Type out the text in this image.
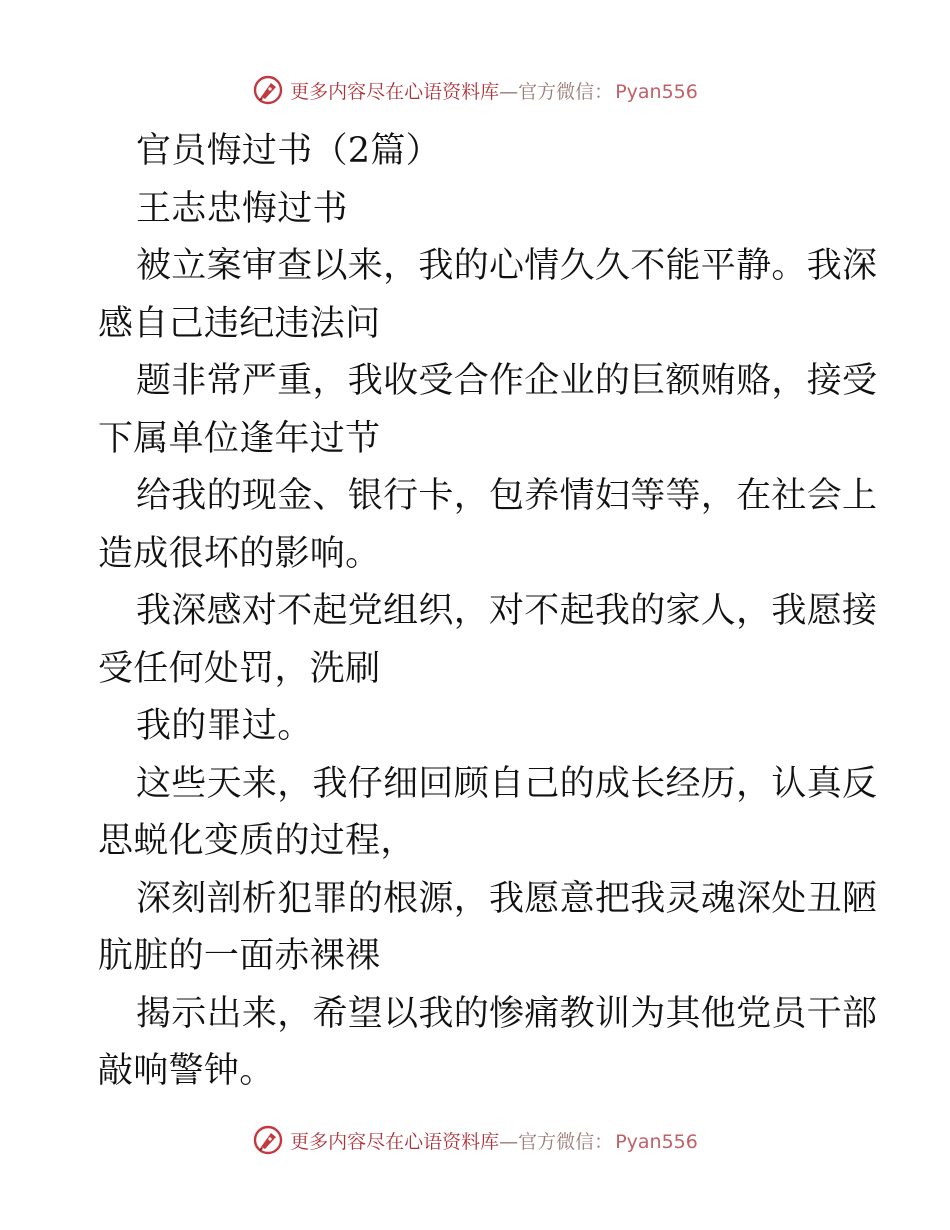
更多内容尽在心语资料库—官方微信： Pyan556
官员悔过书（2篇）
王志忠悔过书
被立案审查以来，我的心情久久不能平静。我深
感自己违纪违法问
题非常严重，我收受合作企业的巨额贿赂，接受
下属单位逢年过节
给我的现金、银行卡，包养情妇等等，在社会上
造成很坏的影响。
我深感对不起党组织，对不起我的家人，我愿接
受任何处罚，洗刷
我的罪过。
这些天来，我仔细回顾自己的成长经历，认真反
思蜕化变质的过程，
深刻剖析犯罪的根源，我愿意把我灵魂深处丑陋
肮脏的一面赤裸裸
揭示出来，希望以我的惨痛教训为其他党员干部
敲响警钟。
更多内容尽在心语资料库—官方微信： Pyan556
